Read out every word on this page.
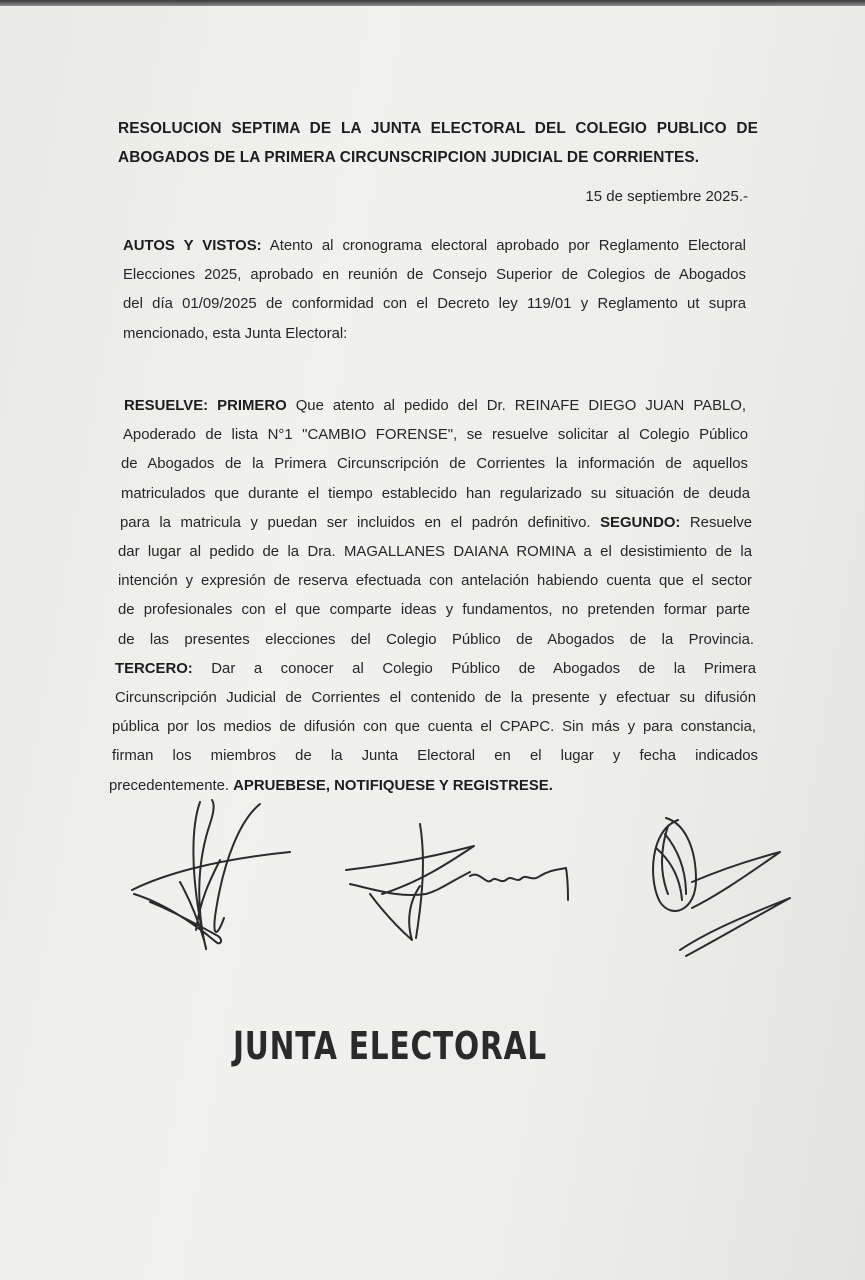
RESOLUCION SEPTIMA DE LA JUNTA ELECTORAL DEL COLEGIO PUBLICO DE
ABOGADOS DE LA PRIMERA CIRCUNSCRIPCION JUDICIAL DE CORRIENTES.
15 de septiembre 2025.-
AUTOS Y VISTOS: Atento al cronograma electoral aprobado por Reglamento Electoral
Elecciones 2025, aprobado en reunión de Consejo Superior de Colegios de Abogados
del día 01/09/2025 de conformidad con el Decreto ley 119/01 y Reglamento ut supra
mencionado, esta Junta Electoral:
RESUELVE: PRIMERO Que atento al pedido del Dr. REINAFE DIEGO JUAN PABLO,
Apoderado de lista N°1 "CAMBIO FORENSE", se resuelve solicitar al Colegio Público
de Abogados de la Primera Circunscripción de Corrientes la información de aquellos
matriculados que durante el tiempo establecido han regularizado su situación de deuda
para la matricula y puedan ser incluidos en el padrón definitivo. SEGUNDO: Resuelve
dar lugar al pedido de la Dra. MAGALLANES DAIANA ROMINA a el desistimiento de la
intención y expresión de reserva efectuada con antelación habiendo cuenta que el sector
de profesionales con el que comparte ideas y fundamentos, no pretenden formar parte
de las presentes elecciones del Colegio Público de Abogados de la Provincia.
TERCERO: Dar a conocer al Colegio Público de Abogados de la Primera
Circunscripción Judicial de Corrientes el contenido de la presente y efectuar su difusión
pública por los medios de difusión con que cuenta el CPAPC. Sin más y para constancia,
firman los miembros de la Junta Electoral en el lugar y fecha indicados
precedentemente. APRUEBESE, NOTIFIQUESE Y REGISTRESE.
JUNTA ELECTORAL
